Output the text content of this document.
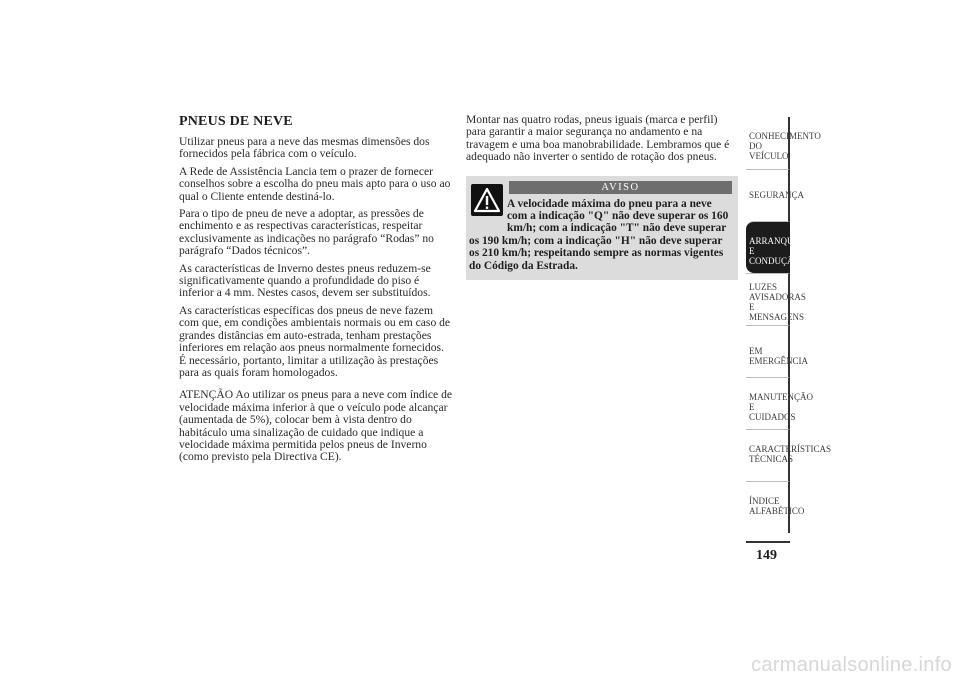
PNEUS DE NEVE

Utilizar pneus para a neve das mesmas dimensões dos fornecidos pela fábrica com o veículo.

A Rede de Assistência Lancia tem o prazer de fornecer conselhos sobre a escolha do pneu mais apto para o uso ao qual o Cliente entende destiná-lo.

Para o tipo de pneu de neve a adoptar, as pressões de enchimento e as respectivas características, respeitar exclusivamente as indicações no parágrafo “Rodas” no parágrafo “Dados técnicos”.

As características de Inverno destes pneus reduzem-se significativamente quando a profundidade do piso é inferior a 4 mm. Nestes casos, devem ser substituídos.

As características específicas dos pneus de neve fazem com que, em condições ambientais normais ou em caso de grandes distâncias em auto-estrada, tenham prestações inferiores em relação aos pneus normalmente fornecidos. É necessário, portanto, limitar a utilização às prestações para as quais foram homologados.

ATENÇÃO Ao utilizar os pneus para a neve com índice de velocidade máxima inferior à que o veículo pode alcançar (aumentada de 5%), colocar bem à vista dentro do habitáculo uma sinalização de cuidado que indique a velocidade máxima permitida pelos pneus de Inverno (como previsto pela Directiva CE).

Montar nas quatro rodas, pneus iguais (marca e perfil) para garantir a maior segurança no andamento e na travagem e uma boa manobrabilidade. Lembramos que é adequado não inverter o sentido de rotação dos pneus.

AVISO
A velocidade máxima do pneu para a neve com a indicação "Q" não deve superar os 160 km/h; com a indicação "T" não deve superar os 190 km/h; com a indicação "H" não deve superar os 210 km/h; respeitando sempre as normas vigentes do Código da Estrada.
CONHECIMENTO
DO VEÍCULO
SEGURANÇA
ARRANQUE E
CONDUÇÃO
LUZES
AVISADORAS E
MENSAGENS
EM EMERGÊNCIA
MANUTENÇÃO E
CUIDADOS
CARACTERÍSTICAS
TÉCNICAS
ÍNDICE
ALFABÉTICO
149
carmanualsonline.info
